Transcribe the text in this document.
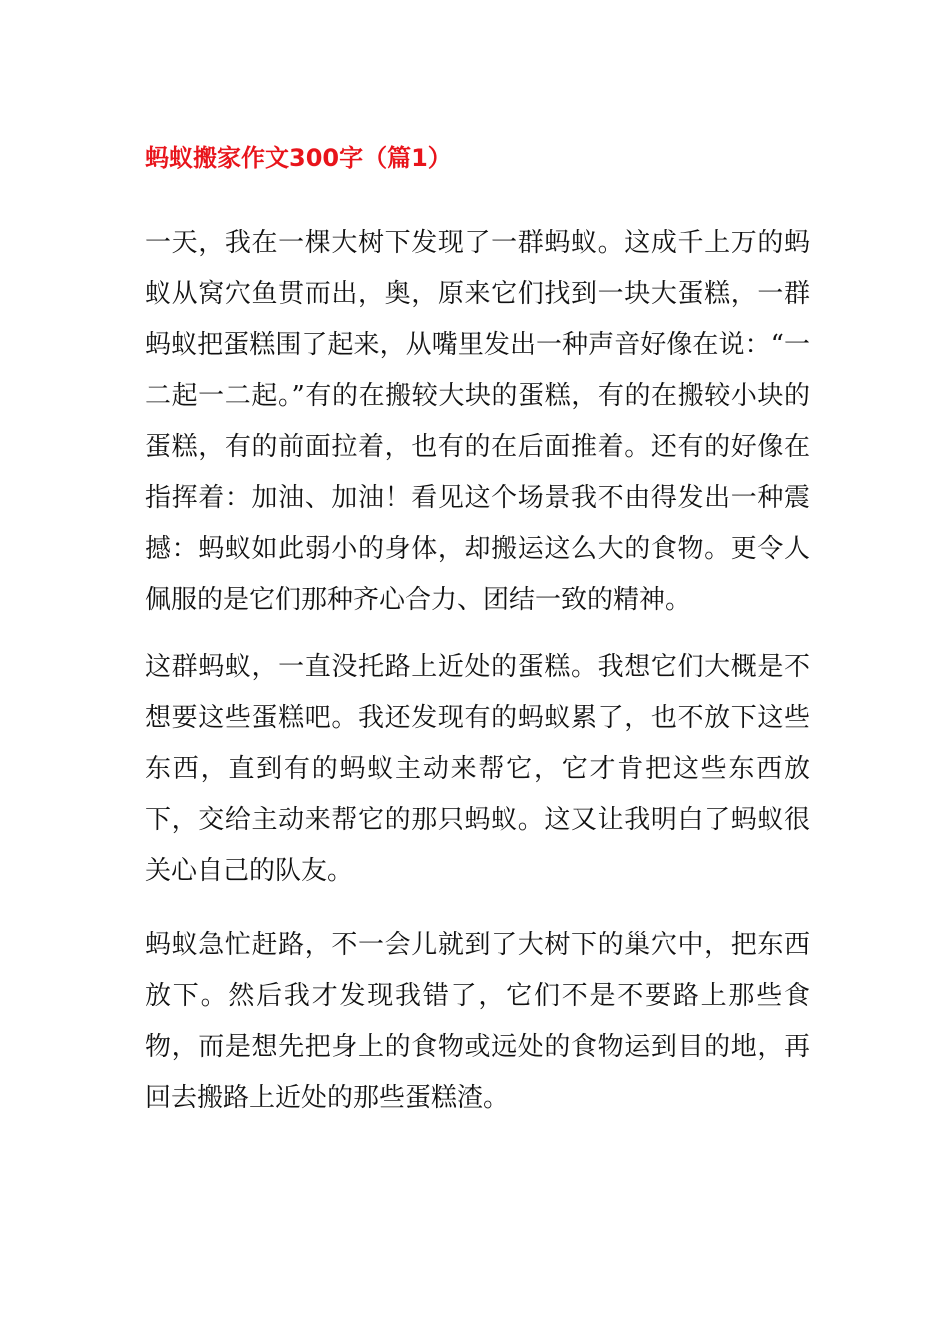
蚂蚁搬家作文300字（篇1）

一天，我在一棵大树下发现了一群蚂蚁。这成千上万的蚂蚁从窝穴鱼贯而出，奥，原来它们找到一块大蛋糕，一群蚂蚁把蛋糕围了起来，从嘴里发出一种声音好像在说：“一二起一二起。”有的在搬较大块的蛋糕，有的在搬较小块的蛋糕，有的前面拉着，也有的在后面推着。还有的好像在指挥着：加油、加油！看见这个场景我不由得发出一种震撼：蚂蚁如此弱小的身体，却搬运这么大的食物。更令人佩服的是它们那种齐心合力、团结一致的精神。

这群蚂蚁，一直没托路上近处的蛋糕。我想它们大概是不想要这些蛋糕吧。我还发现有的蚂蚁累了，也不放下这些东西，直到有的蚂蚁主动来帮它，它才肯把这些东西放下，交给主动来帮它的那只蚂蚁。这又让我明白了蚂蚁很关心自己的队友。

蚂蚁急忙赶路，不一会儿就到了大树下的巢穴中，把东西放下。然后我才发现我错了，它们不是不要路上那些食物，而是想先把身上的食物或远处的食物运到目的地，再回去搬路上近处的那些蛋糕渣。
